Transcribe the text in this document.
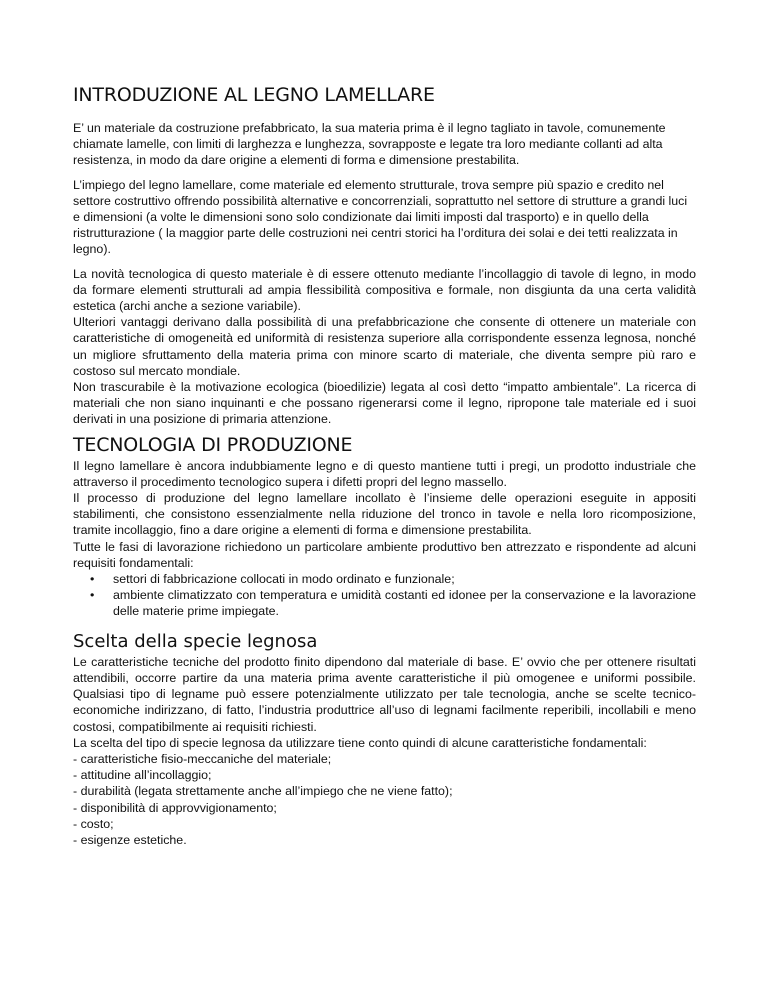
INTRODUZIONE AL LEGNO LAMELLARE

E’ un materiale da costruzione prefabbricato, la sua materia prima è il legno tagliato in tavole, comunemente chiamate lamelle, con limiti di larghezza e lunghezza, sovrapposte e legate tra loro mediante collanti ad alta resistenza, in modo da dare origine a elementi di forma e dimensione prestabilita.

L’impiego del legno lamellare, come materiale ed elemento strutturale, trova sempre più spazio e credito nel settore costruttivo offrendo possibilità alternative e concorrenziali, soprattutto nel settore di strutture a grandi luci e dimensioni (a volte le dimensioni sono solo condizionate dai limiti imposti dal trasporto) e in quello della ristrutturazione ( la maggior parte delle costruzioni nei centri storici ha l’orditura dei solai e dei tetti realizzata in legno).

La novità tecnologica di questo materiale è di essere ottenuto mediante l’incollaggio di tavole di legno, in modo da formare elementi strutturali ad ampia flessibilità compositiva e formale, non disgiunta da una certa validità estetica (archi anche a sezione variabile).

Ulteriori vantaggi derivano dalla possibilità di una prefabbricazione che consente di ottenere un materiale con caratteristiche di omogeneità ed uniformità di resistenza superiore alla corrispondente essenza legnosa, nonché un migliore sfruttamento della materia prima con minore scarto di materiale, che diventa sempre più raro e costoso sul mercato mondiale.

Non trascurabile è la motivazione ecologica (bioedilizie) legata al così detto “impatto ambientale”. La ricerca di materiali che non siano inquinanti e che possano rigenerarsi come il legno, ripropone tale materiale ed i suoi derivati in una posizione di primaria attenzione.

TECNOLOGIA DI PRODUZIONE

Il legno lamellare è ancora indubbiamente legno e di questo mantiene tutti i pregi, un prodotto industriale che attraverso il procedimento tecnologico supera i difetti propri del legno massello.

Il processo di produzione del legno lamellare incollato è l’insieme delle operazioni eseguite in appositi stabilimenti, che consistono essenzialmente nella riduzione del tronco in tavole e nella loro ricomposizione, tramite incollaggio, fino a dare origine a elementi di forma e dimensione prestabilita.

Tutte le fasi di lavorazione richiedono un particolare ambiente produttivo ben attrezzato e rispondente ad alcuni requisiti fondamentali:

• settori di fabbricazione collocati in modo ordinato e funzionale;
• ambiente climatizzato con temperatura e umidità costanti ed idonee per la conservazione e la lavorazione delle materie prime impiegate.
Scelta della specie legnosa

Le caratteristiche tecniche del prodotto finito dipendono dal materiale di base. E’ ovvio che per ottenere risultati attendibili, occorre partire da una materia prima avente caratteristiche il più omogenee e uniformi possibile. Qualsiasi tipo di legname può essere potenzialmente utilizzato per tale tecnologia, anche se scelte tecnico-economiche indirizzano, di fatto, l’industria produttrice all’uso di legnami facilmente reperibili, incollabili e meno costosi, compatibilmente ai requisiti richiesti.

La scelta del tipo di specie legnosa da utilizzare tiene conto quindi di alcune caratteristiche fondamentali:

- caratteristiche fisio-meccaniche del materiale;

- attitudine all’incollaggio;

- durabilità (legata strettamente anche all’impiego che ne viene fatto);

- disponibilità di approvvigionamento;

- costo;

- esigenze estetiche.
